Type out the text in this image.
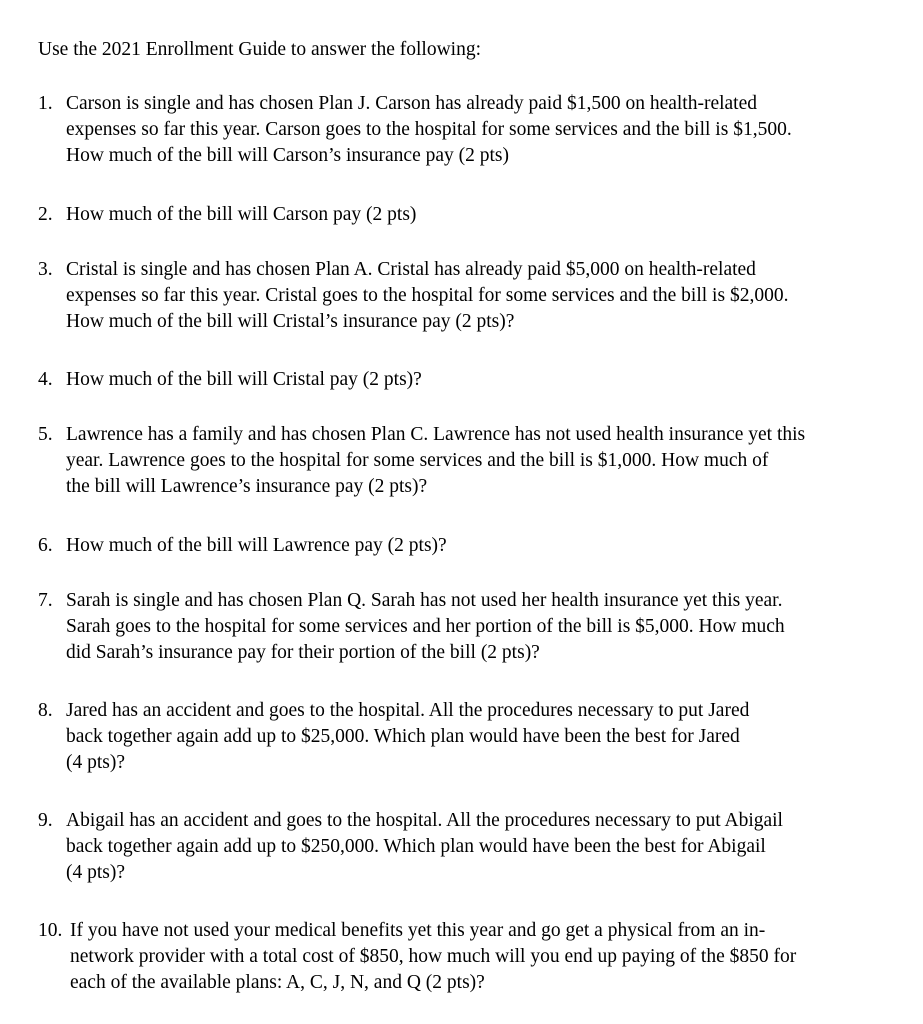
Use the 2021 Enrollment Guide to answer the following:
1. Carson is single and has chosen Plan J. Carson has already paid $1,500 on health-related
expenses so far this year. Carson goes to the hospital for some services and the bill is $1,500.
How much of the bill will Carson’s insurance pay (2 pts)
2. How much of the bill will Carson pay (2 pts)
3. Cristal is single and has chosen Plan A. Cristal has already paid $5,000 on health-related
expenses so far this year. Cristal goes to the hospital for some services and the bill is $2,000.
How much of the bill will Cristal’s insurance pay (2 pts)?
4. How much of the bill will Cristal pay (2 pts)?
5. Lawrence has a family and has chosen Plan C. Lawrence has not used health insurance yet this
year. Lawrence goes to the hospital for some services and the bill is $1,000. How much of
the bill will Lawrence’s insurance pay (2 pts)?
6. How much of the bill will Lawrence pay (2 pts)?
7. Sarah is single and has chosen Plan Q. Sarah has not used her health insurance yet this year.
Sarah goes to the hospital for some services and her portion of the bill is $5,000. How much
did Sarah’s insurance pay for their portion of the bill (2 pts)?
8. Jared has an accident and goes to the hospital. All the procedures necessary to put Jared
back together again add up to $25,000. Which plan would have been the best for Jared
(4 pts)?
9. Abigail has an accident and goes to the hospital. All the procedures necessary to put Abigail
back together again add up to $250,000. Which plan would have been the best for Abigail
(4 pts)?
10. If you have not used your medical benefits yet this year and go get a physical from an in-
network provider with a total cost of $850, how much will you end up paying of the $850 for
each of the available plans: A, C, J, N, and Q (2 pts)?
